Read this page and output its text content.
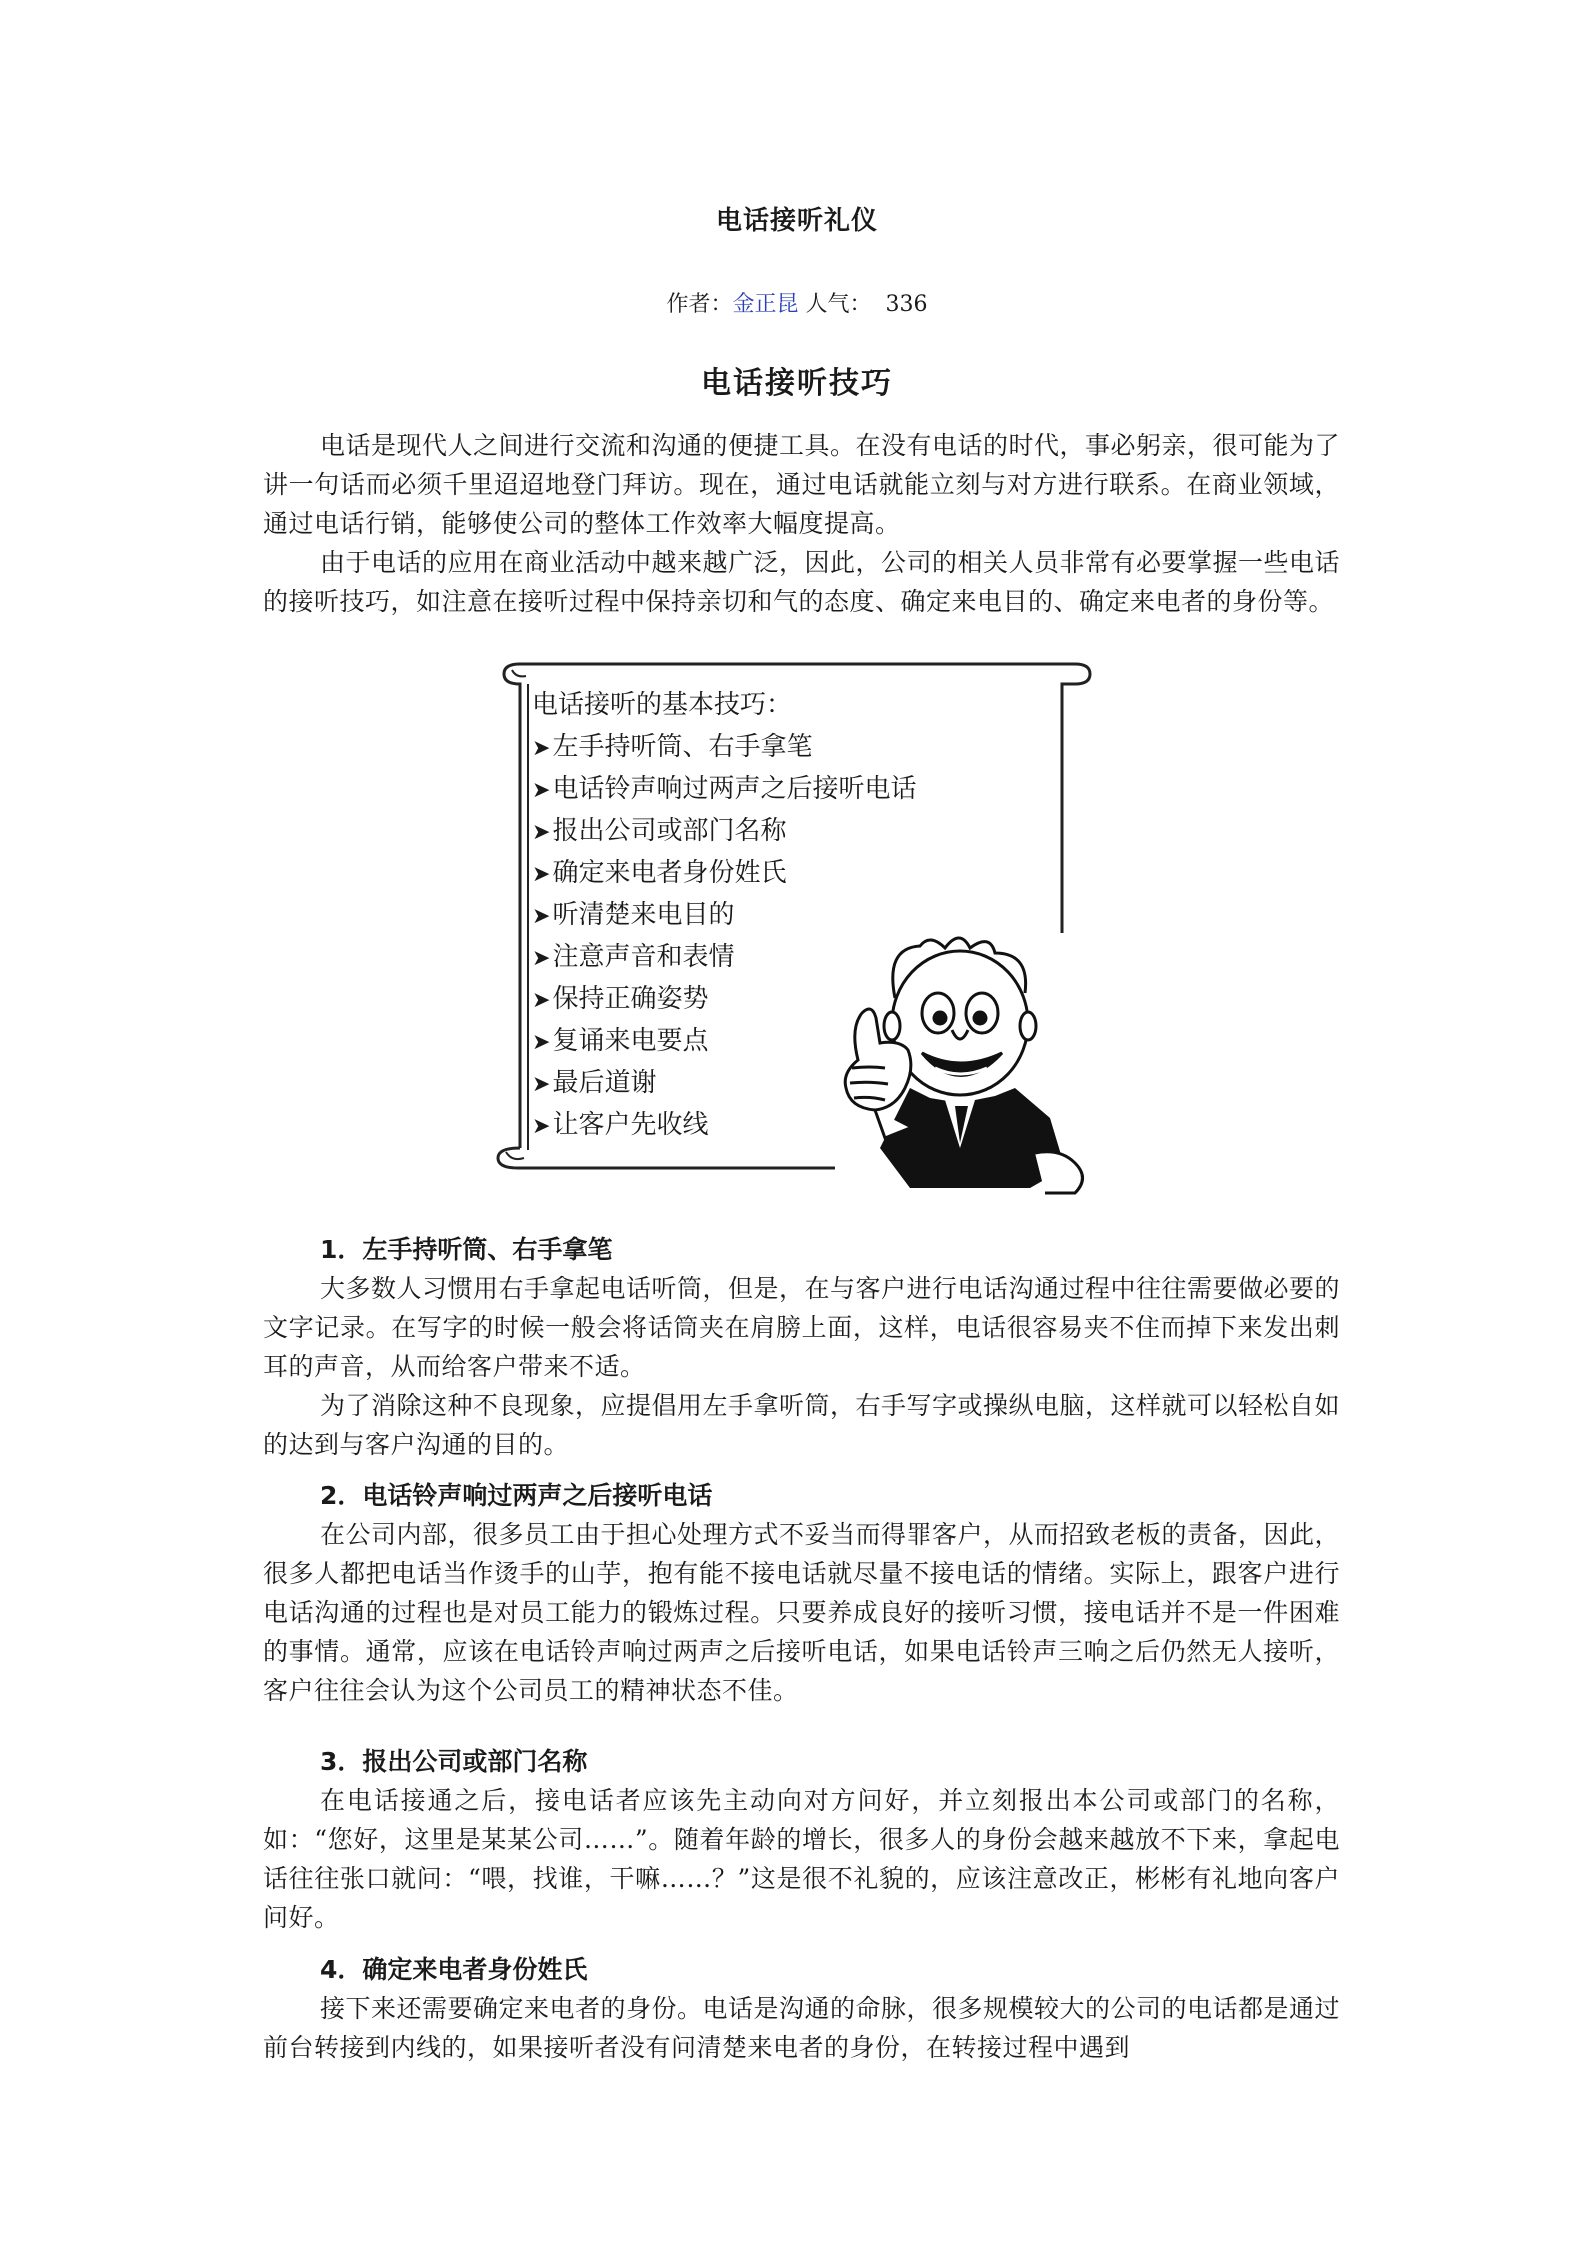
电话接听礼仪
作者：金正昆 人气： 336
电话接听技巧

电话是现代人之间进行交流和沟通的便捷工具。在没有电话的时代，事必躬亲，很可能为了讲一句话而必须千里迢迢地登门拜访。现在，通过电话就能立刻与对方进行联系。在商业领域，通过电话行销，能够使公司的整体工作效率大幅度提高。

由于电话的应用在商业活动中越来越广泛，因此，公司的相关人员非常有必要掌握一些电话的接听技巧，如注意在接听过程中保持亲切和气的态度、确定来电目的、确定来电者的身份等。

电话接听的基本技巧：
➤ 左手持听筒、右手拿笔
➤ 电话铃声响过两声之后接听电话
➤ 报出公司或部门名称
➤ 确定来电者身份姓氏
➤ 听清楚来电目的
➤ 注意声音和表情
➤ 保持正确姿势
➤ 复诵来电要点
➤ 最后道谢
➤ 让客户先收线
1．左手持听筒、右手拿笔

大多数人习惯用右手拿起电话听筒，但是，在与客户进行电话沟通过程中往往需要做必要的文字记录。在写字的时候一般会将话筒夹在肩膀上面，这样，电话很容易夹不住而掉下来发出刺耳的声音，从而给客户带来不适。

为了消除这种不良现象，应提倡用左手拿听筒，右手写字或操纵电脑，这样就可以轻松自如的达到与客户沟通的目的。

2．电话铃声响过两声之后接听电话

在公司内部，很多员工由于担心处理方式不妥当而得罪客户，从而招致老板的责备，因此，很多人都把电话当作烫手的山芋，抱有能不接电话就尽量不接电话的情绪。实际上，跟客户进行电话沟通的过程也是对员工能力的锻炼过程。只要养成良好的接听习惯，接电话并不是一件困难的事情。通常，应该在电话铃声响过两声之后接听电话，如果电话铃声三响之后仍然无人接听，客户往往会认为这个公司员工的精神状态不佳。

3．报出公司或部门名称

在电话接通之后，接电话者应该先主动向对方问好，并立刻报出本公司或部门的名称，如：“您好，这里是某某公司……”。随着年龄的增长，很多人的身份会越来越放不下来，拿起电话往往张口就问：“喂，找谁，干嘛……？”这是很不礼貌的，应该注意改正，彬彬有礼地向客户问好。

4．确定来电者身份姓氏

接下来还需要确定来电者的身份。电话是沟通的命脉，很多规模较大的公司的电话都是通过前台转接到内线的，如果接听者没有问清楚来电者的身份，在转接过程中遇到
